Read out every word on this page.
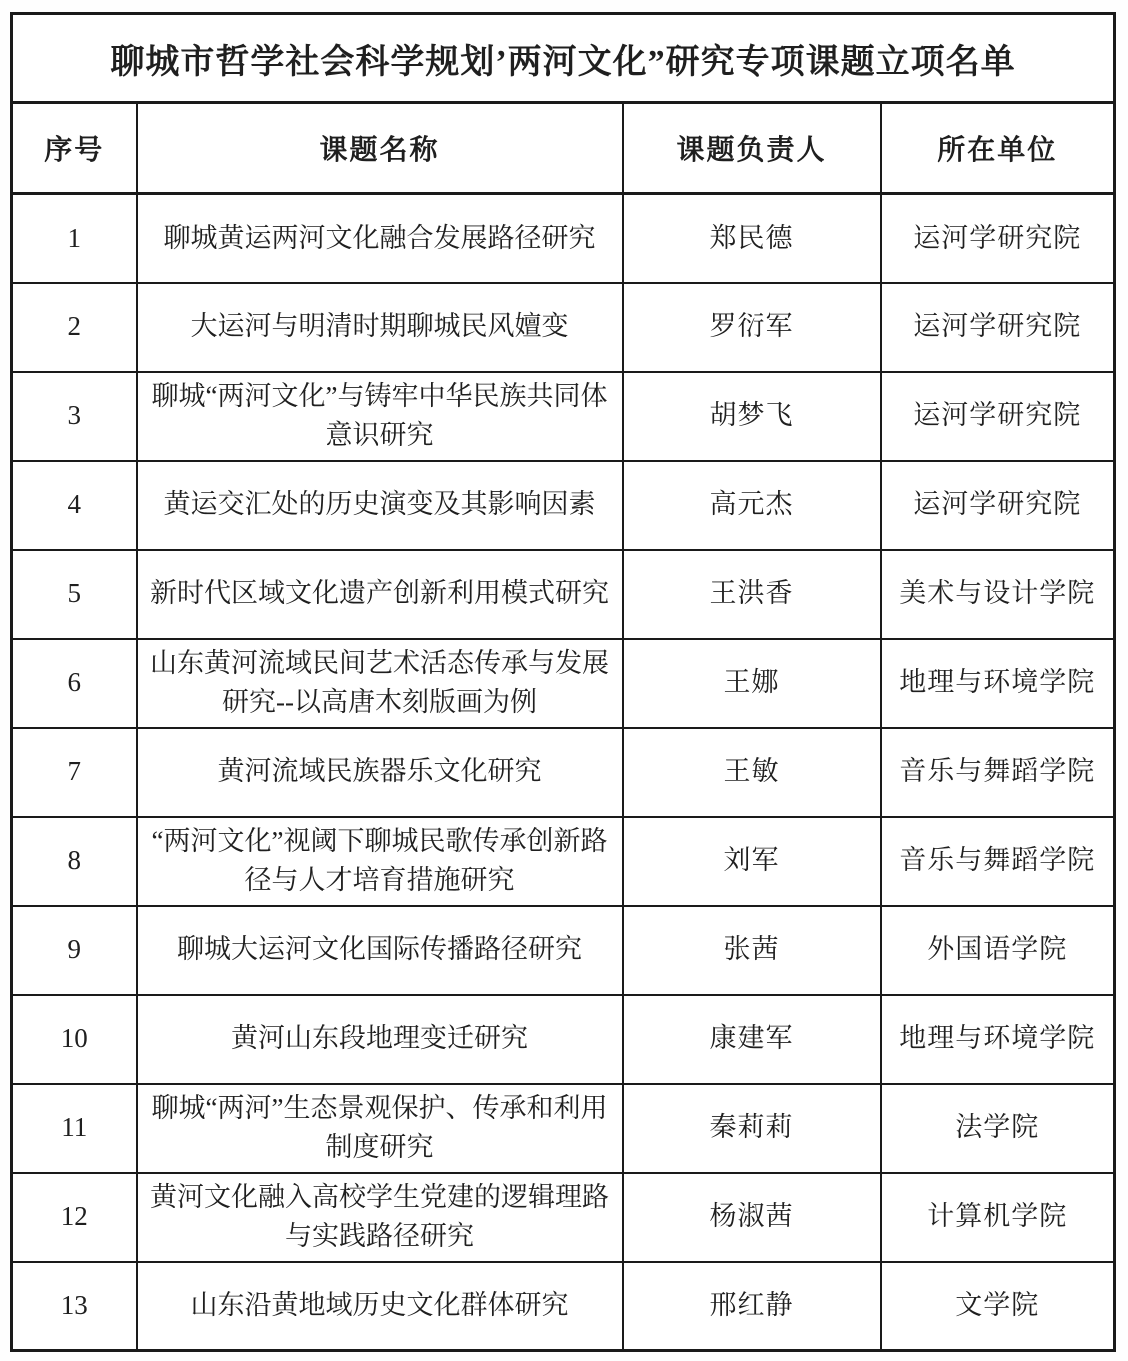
聊城市哲学社会科学规划’两河文化”研究专项课题立项名单			
序号	课题名称	课题负责人	所在单位
1	聊城黄运两河文化融合发展路径研究	郑民德	运河学研究院
2	大运河与明清时期聊城民风嬗变	罗衍军	运河学研究院
3	聊城“两河文化”与铸牢中华民族共同体意识研究	胡梦飞	运河学研究院
4	黄运交汇处的历史演变及其影响因素	高元杰	运河学研究院
5	新时代区域文化遗产创新利用模式研究	王洪香	美术与设计学院
6	山东黄河流域民间艺术活态传承与发展研究--以高唐木刻版画为例	王娜	地理与环境学院
7	黄河流域民族器乐文化研究	王敏	音乐与舞蹈学院
8	“两河文化”视阈下聊城民歌传承创新路径与人才培育措施研究	刘军	音乐与舞蹈学院
9	聊城大运河文化国际传播路径研究	张茜	外国语学院
10	黄河山东段地理变迁研究	康建军	地理与环境学院
11	聊城“两河”生态景观保护、传承和利用制度研究	秦莉莉	法学院
12	黄河文化融入高校学生党建的逻辑理路与实践路径研究	杨淑茜	计算机学院
13	山东沿黄地域历史文化群体研究	邢红静	文学院
